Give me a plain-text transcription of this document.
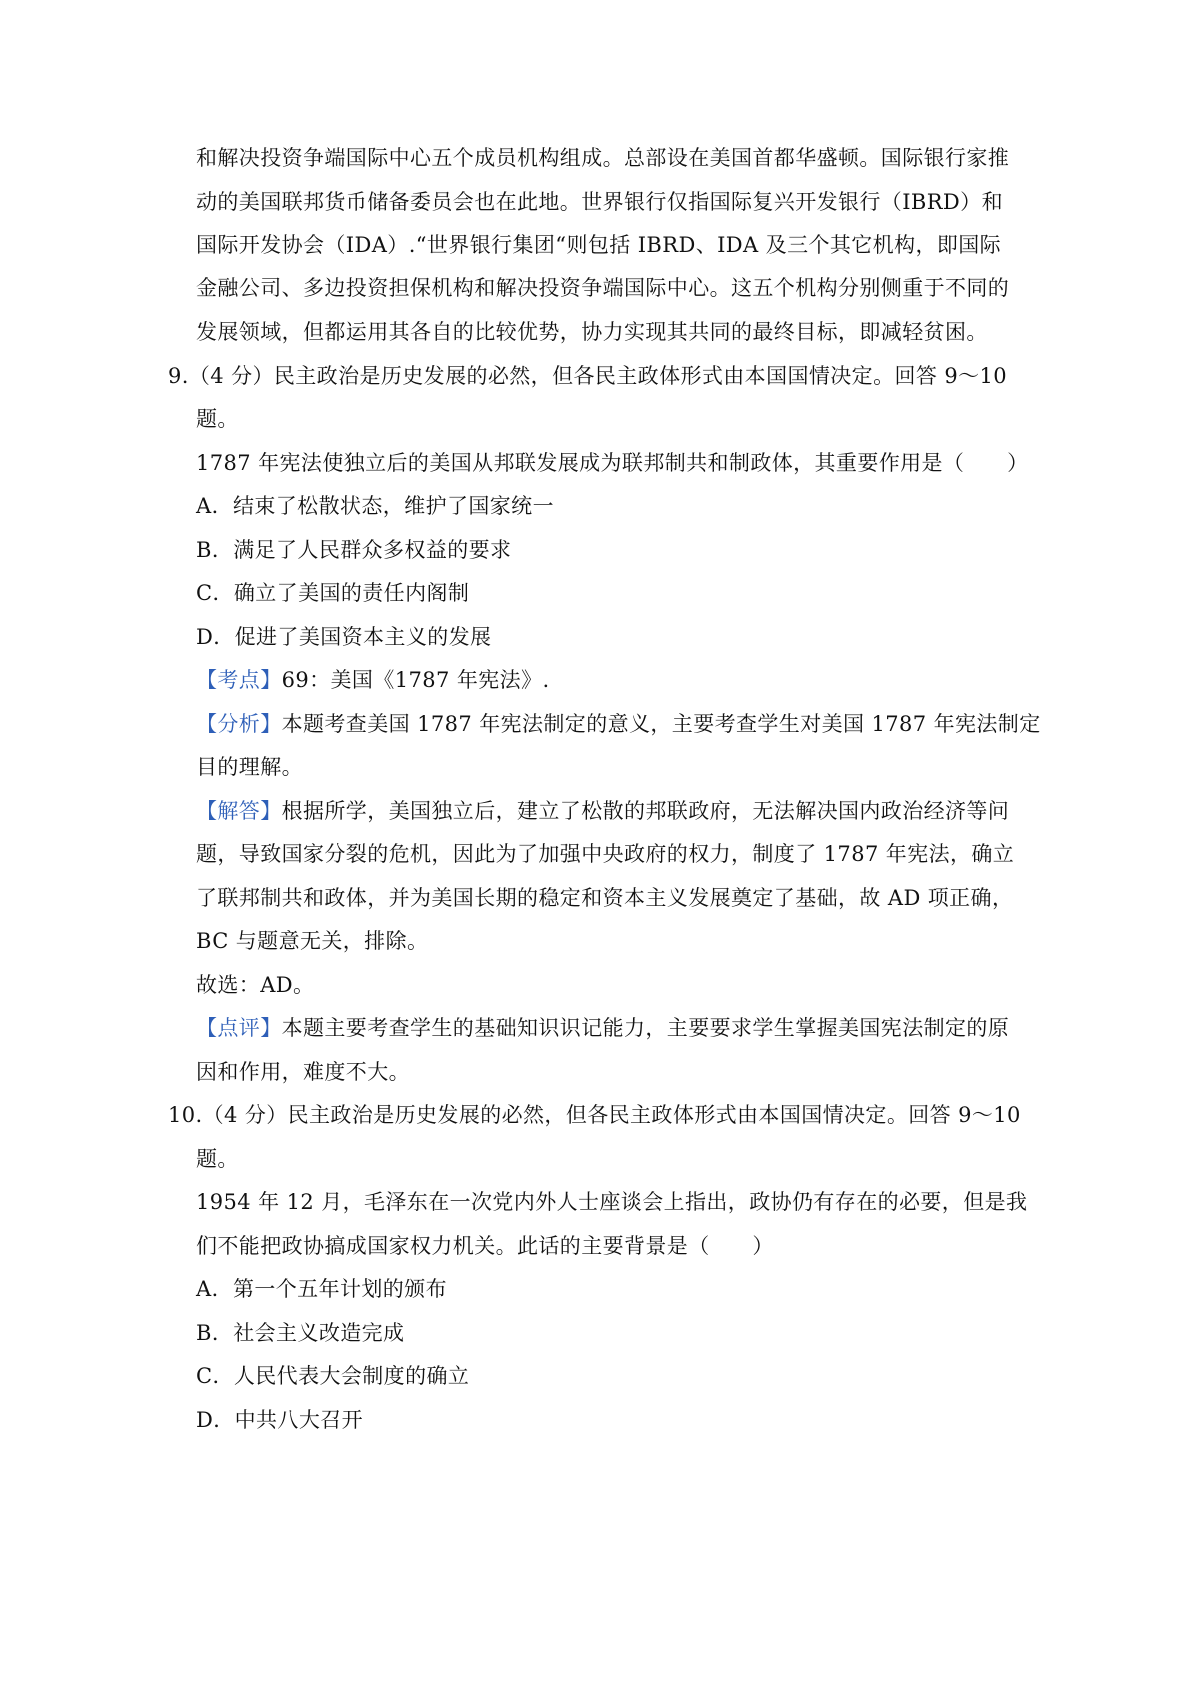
和解决投资争端国际中心五个成员机构组成。总部设在美国首都华盛顿。国际银行家推
动的美国联邦货币储备委员会也在此地。世界银行仅指国际复兴开发银行（IBRD）和
国际开发协会（IDA）.“世界银行集团“则包括 IBRD、IDA 及三个其它机构，即国际
金融公司、多边投资担保机构和解决投资争端国际中心。这五个机构分别侧重于不同的
发展领域，但都运用其各自的比较优势，协力实现其共同的最终目标，即减轻贫困。
9.（4 分）民主政治是历史发展的必然，但各民主政体形式由本国国情决定。回答 9～10
题。
1787 年宪法使独立后的美国从邦联发展成为联邦制共和制政体，其重要作用是（　　）
A．结束了松散状态，维护了国家统一
B．满足了人民群众多权益的要求
C．确立了美国的责任内阁制
D．促进了美国资本主义的发展
【考点】69：美国《1787 年宪法》.
【分析】本题考查美国 1787 年宪法制定的意义，主要考查学生对美国 1787 年宪法制定
目的理解。
【解答】根据所学，美国独立后，建立了松散的邦联政府，无法解决国内政治经济等问
题，导致国家分裂的危机，因此为了加强中央政府的权力，制度了 1787 年宪法，确立
了联邦制共和政体，并为美国长期的稳定和资本主义发展奠定了基础，故 AD 项正确，
BC 与题意无关，排除。
故选：AD。
【点评】本题主要考查学生的基础知识识记能力，主要要求学生掌握美国宪法制定的原
因和作用，难度不大。
10.（4 分）民主政治是历史发展的必然，但各民主政体形式由本国国情决定。回答 9～10
题。
1954 年 12 月，毛泽东在一次党内外人士座谈会上指出，政协仍有存在的必要，但是我
们不能把政协搞成国家权力机关。此话的主要背景是（　　）
A．第一个五年计划的颁布
B．社会主义改造完成
C．人民代表大会制度的确立
D．中共八大召开
